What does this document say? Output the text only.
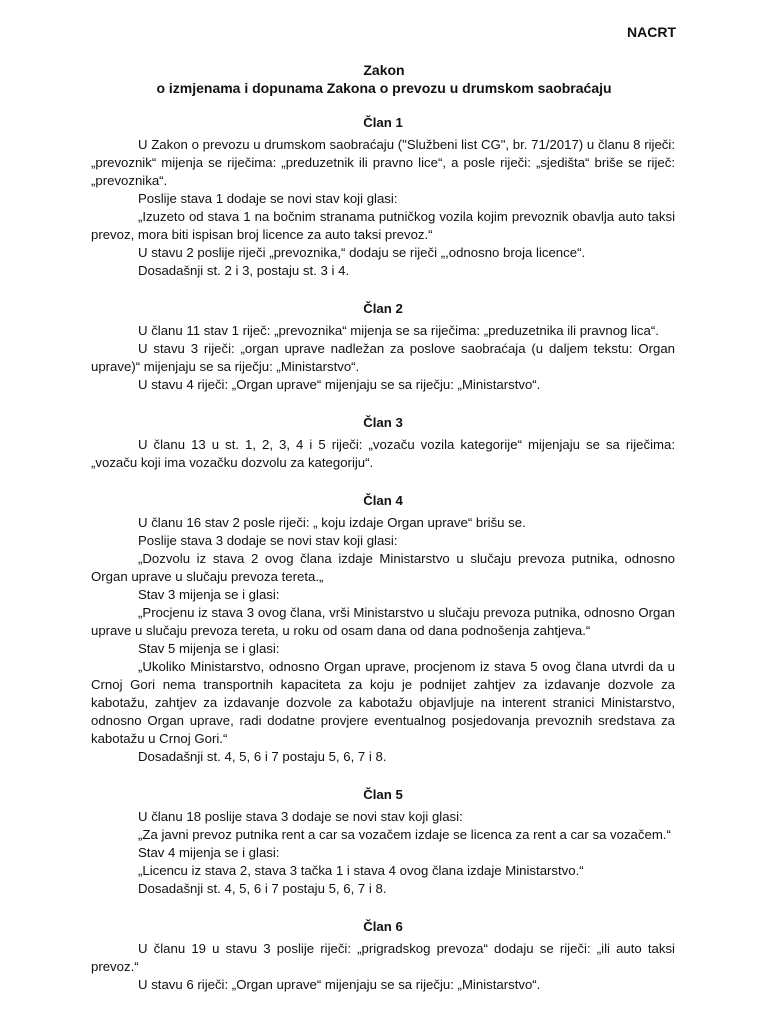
NACRT
Zakon
o izmjenama i dopunama Zakona o prevozu u drumskom saobraćaju
Član 1

U Zakon o prevozu u drumskom saobraćaju ("Službeni list CG", br. 71/2017) u članu 8 riječi: „prevoznik“ mijenja se riječima: „preduzetnik ili pravno lice“, a posle riječi: „sjedišta“ briše se riječ: „prevoznika“.

Poslije stava 1 dodaje se novi stav koji glasi:

„Izuzeto od stava 1 na bočnim stranama putničkog vozila kojim prevoznik obavlja auto taksi prevoz, mora biti ispisan broj licence za auto taksi prevoz.“

U stavu 2 poslije riječi „prevoznika,“ dodaju se riječi „,odnosno broja licence“.

Dosadašnji st. 2 i 3, postaju st. 3 i 4.

Član 2

U članu 11 stav 1 riječ: „prevoznika“ mijenja se sa riječima: „preduzetnika ili pravnog lica“.

U stavu 3 riječi: „organ uprave nadležan za poslove saobraćaja (u daljem tekstu: Organ uprave)“ mijenjaju se sa riječju: „Ministarstvo“.

U stavu 4 riječi: „Organ uprave“ mijenjaju se sa riječju: „Ministarstvo“.

Član 3

U članu 13 u st. 1, 2, 3, 4 i 5 riječi: „vozaču vozila kategorije“ mijenjaju se sa riječima: „vozaču koji ima vozačku dozvolu za kategoriju“.

Član 4

U članu 16 stav 2 posle riječi: „ koju izdaje Organ uprave“ brišu se.

Poslije stava 3 dodaje se novi stav koji glasi:

„Dozvolu iz stava 2 ovog člana izdaje Ministarstvo u slučaju prevoza putnika, odnosno Organ uprave u slučaju prevoza tereta.„

Stav 3 mijenja se i glasi:

„Procjenu iz stava 3 ovog člana, vrši Ministarstvo u slučaju prevoza putnika, odnosno Organ uprave u slučaju prevoza tereta, u roku od osam dana od dana podnošenja zahtjeva.“

Stav 5 mijenja se i glasi:

„Ukoliko Ministarstvo, odnosno Organ uprave, procjenom iz stava 5 ovog člana utvrdi da u Crnoj Gori nema transportnih kapaciteta za koju je podnijet zahtjev za izdavanje dozvole za kabotažu, zahtjev za izdavanje dozvole za kabotažu objavljuje na interent stranici Ministarstvo, odnosno Organ uprave, radi dodatne provjere eventualnog posjedovanja prevoznih sredstava za kabotažu u Crnoj Gori.“

Dosadašnji st. 4, 5, 6 i 7 postaju 5, 6, 7 i 8.

Član 5

U članu 18 poslije stava 3 dodaje se novi stav koji glasi:

„Za javni prevoz putnika rent a car sa vozačem izdaje se licenca za rent a car sa vozačem.“

Stav 4 mijenja se i glasi:

„Licencu iz stava 2, stava 3 tačka 1 i stava 4 ovog člana izdaje Ministarstvo.“

Dosadašnji st. 4, 5, 6 i 7 postaju 5, 6, 7 i 8.

Član 6

U članu 19 u stavu 3 poslije riječi: „prigradskog prevoza“ dodaju se riječi: „ili auto taksi prevoz.“

U stavu 6 riječi: „Organ uprave“ mijenjaju se sa riječju: „Ministarstvo“.
